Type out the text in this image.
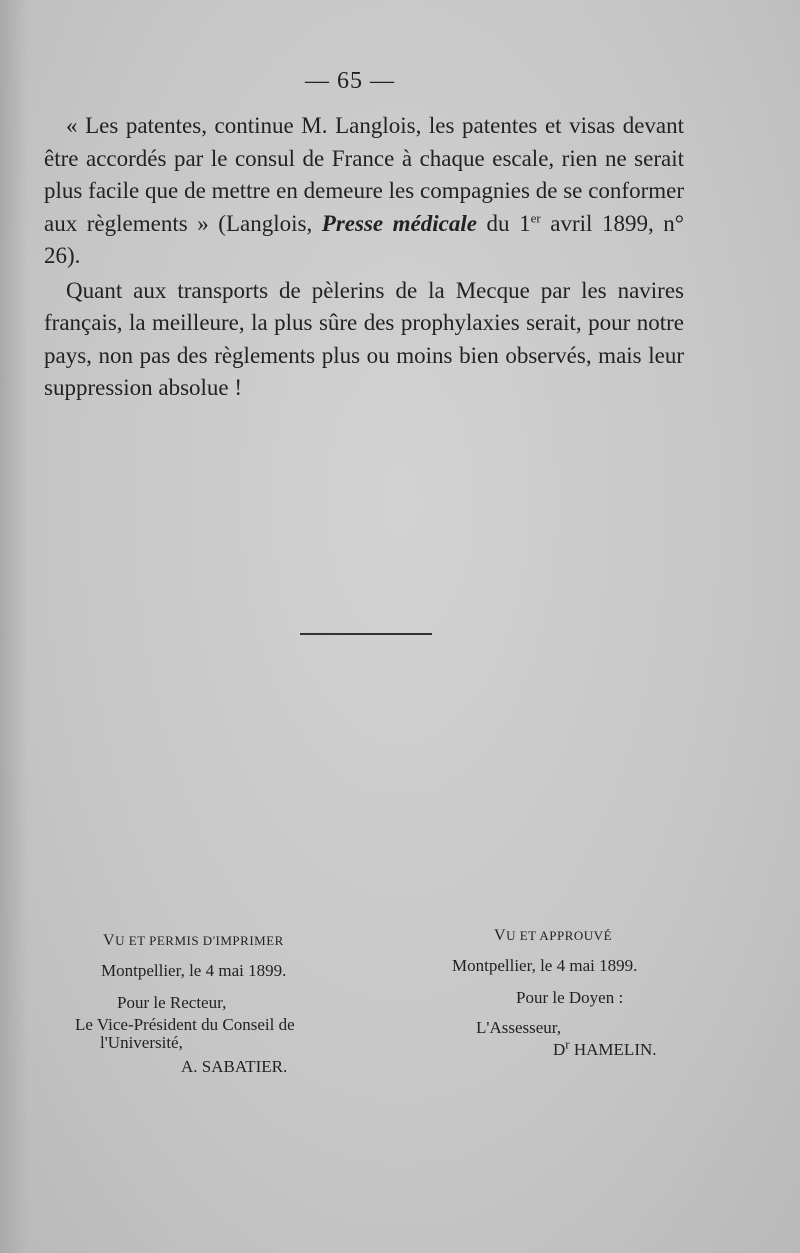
— 65 —

« Les patentes, continue M. Langlois, les patentes et visas devant être accordés par le consul de France à chaque escale, rien ne serait plus facile que de mettre en demeure les compagnies de se conformer aux règlements » (Langlois, Presse médicale du 1er avril 1899, n° 26).

Quant aux transports de pèlerins de la Mecque par les navires français, la meilleure, la plus sûre des prophylaxies serait, pour notre pays, non pas des règlements plus ou moins bien observés, mais leur suppression absolue !

VU ET PERMIS D'IMPRIMER
Montpellier, le 4 mai 1899.
Pour le Recteur,
Le Vice-Président du Conseil de
l'Université,
A. SABATIER.
VU ET APPROUVÉ
Montpellier, le 4 mai 1899.
Pour le Doyen :
L'Assesseur,
$D^r$ HAMELIN.
